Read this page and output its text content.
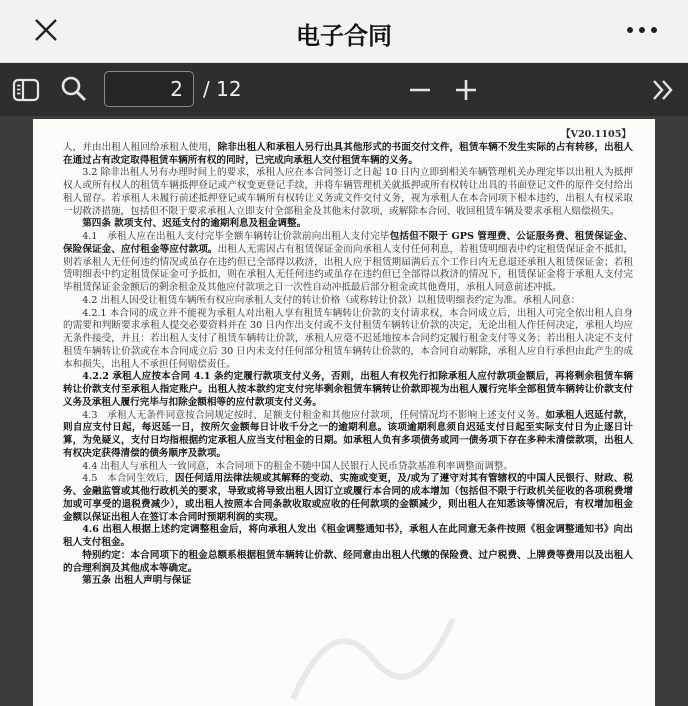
电子合同
2	/ 12
【V20.1105】

人，并由出租人租回给承租人使用，除非出租人和承租人另行出具其他形式的书面交付文件，租赁车辆不发生实际的占有转移，出租人在通过占有改定取得租赁车辆所有权的同时，已完成向承租人交付租赁车辆的义务。

3.2 除非出租人另有办理时间上的要求，承租人应在本合同签订之日起 10 日内立即到相关车辆管理机关办理完毕以出租人为抵押权人或所有权人的租赁车辆抵押登记或产权变更登记手续，并将车辆管理机关就抵押或所有权转让出具的书面登记文件的原件交付给出租人留存。若承租人未履行前述抵押登记或车辆所有权转让义务或文件交付义务，视为承租人在本合同项下根本违约，出租人有权采取一切救济措施，包括但不限于要求承租人立即支付全部租金及其他未付款项，或解除本合同、收回租赁车辆及要求承租人赔偿损失。

第四条 款项支付、迟延支付的逾期利息及租金调整。

4.1　承租人应在出租人支付完毕全额车辆转让价款前向出租人支付完毕包括但不限于 GPS 管理费、公证服务费、租赁保证金、保险保证金、应付租金等应付款项。出租人无需因占有租赁保证金而向承租人支付任何利息，若租赁明细表中约定租赁保证金不抵扣，则若承租人无任何违约情况或虽存在违约但已全部得以救济，出租人应于租赁期届满后五个工作日内无息退还承租人租赁保证金；若租赁明细表中约定租赁保证金可予抵扣，则在承租人无任何违约或虽存在违约但已全部得以救济的情况下，租赁保证金将于承租人支付完毕租赁保证金金额后的剩余租金及其他应付款项之日一次性自动冲抵最后部分租金或其他费用，承租人同意前述冲抵。

4.2 出租人因受让租赁车辆所有权应向承租人支付的转让价格（或称转让价款）以租赁明细表约定为准。承租人同意：

4.2.1 本合同的成立并不能视为承租人对出租人享有租赁车辆转让价款的支付请求权，本合同成立后，出租人可完全依出租人自身的需要和判断要求承租人提交必要资料并在 30 日内作出支付或不支付租赁车辆转让价款的决定，无论出租人作任何决定，承租人均应无条件接受，并且：若出租人支付了租赁车辆转让价款，承租人应毫不迟延地按本合同约定履行租金支付等义务；若出租人决定不支付租赁车辆转让价款或在本合同成立后 30 日内未支付任何部分租赁车辆转让价款的，本合同自动解除，承租人应自行承担由此产生的成本和损失，出租人不承担任何赔偿责任。

4.2.2 承租人应按本合同 4.1 条约定履行款项支付义务，否则，出租人有权先行扣除承租人应付款项金额后，再将剩余租赁车辆转让价款支付至承租人指定账户。出租人按本款约定支付完毕剩余租赁车辆转让价款即视为出租人履行完毕全部租赁车辆转让价款支付义务及承租人履行完毕与扣除金额相等的应付款项支付义务。

4.3　承租人无条件同意按合同规定按时、足额支付租金和其他应付款项，任何情况均不影响上述支付义务。如承租人迟延付款，则自应支付日起，每迟延一日，按所欠金额每日计收千分之一的逾期利息。该项逾期利息须自迟延支付日起至实际支付日为止逐日计算，为免疑义，支付日均指根据约定承租人应当支付租金的日期。如承租人负有多项债务或同一债务项下存在多种未清偿款项，出租人有权决定获得清偿的债务顺序及款项。

4.4 出租人与承租人一致同意，本合同项下的租金不随中国人民银行人民币贷款基准利率调整而调整。

4.5　本合同生效后，因任何适用法律法规或其解释的变动、实施或变更，及/或为了遵守对其有管辖权的中国人民银行、财政、税务、金融监管或其他行政机关的要求，导致或将导致出租人因订立或履行本合同的成本增加（包括但不限于行政机关征收的各项税费增加或可享受的退税费减少），或出租人按照本合同条款收取或应收的任何款项的金额减少，则出租人在知悉该等情况后，有权增加租金金额以保证出租人在签订本合同时预期利润的实现。

4.6 出租人根据上述约定调整租金后，将向承租人发出《租金调整通知书》，承租人在此同意无条件按照《租金调整通知书》向出租人支付租金。

特别约定：本合同项下的租金总额系根据租赁车辆转让价款、经同意由出租人代缴的保险费、过户税费、上牌费等费用以及出租人的合理利润及其他成本等确定。

第五条 出租人声明与保证
